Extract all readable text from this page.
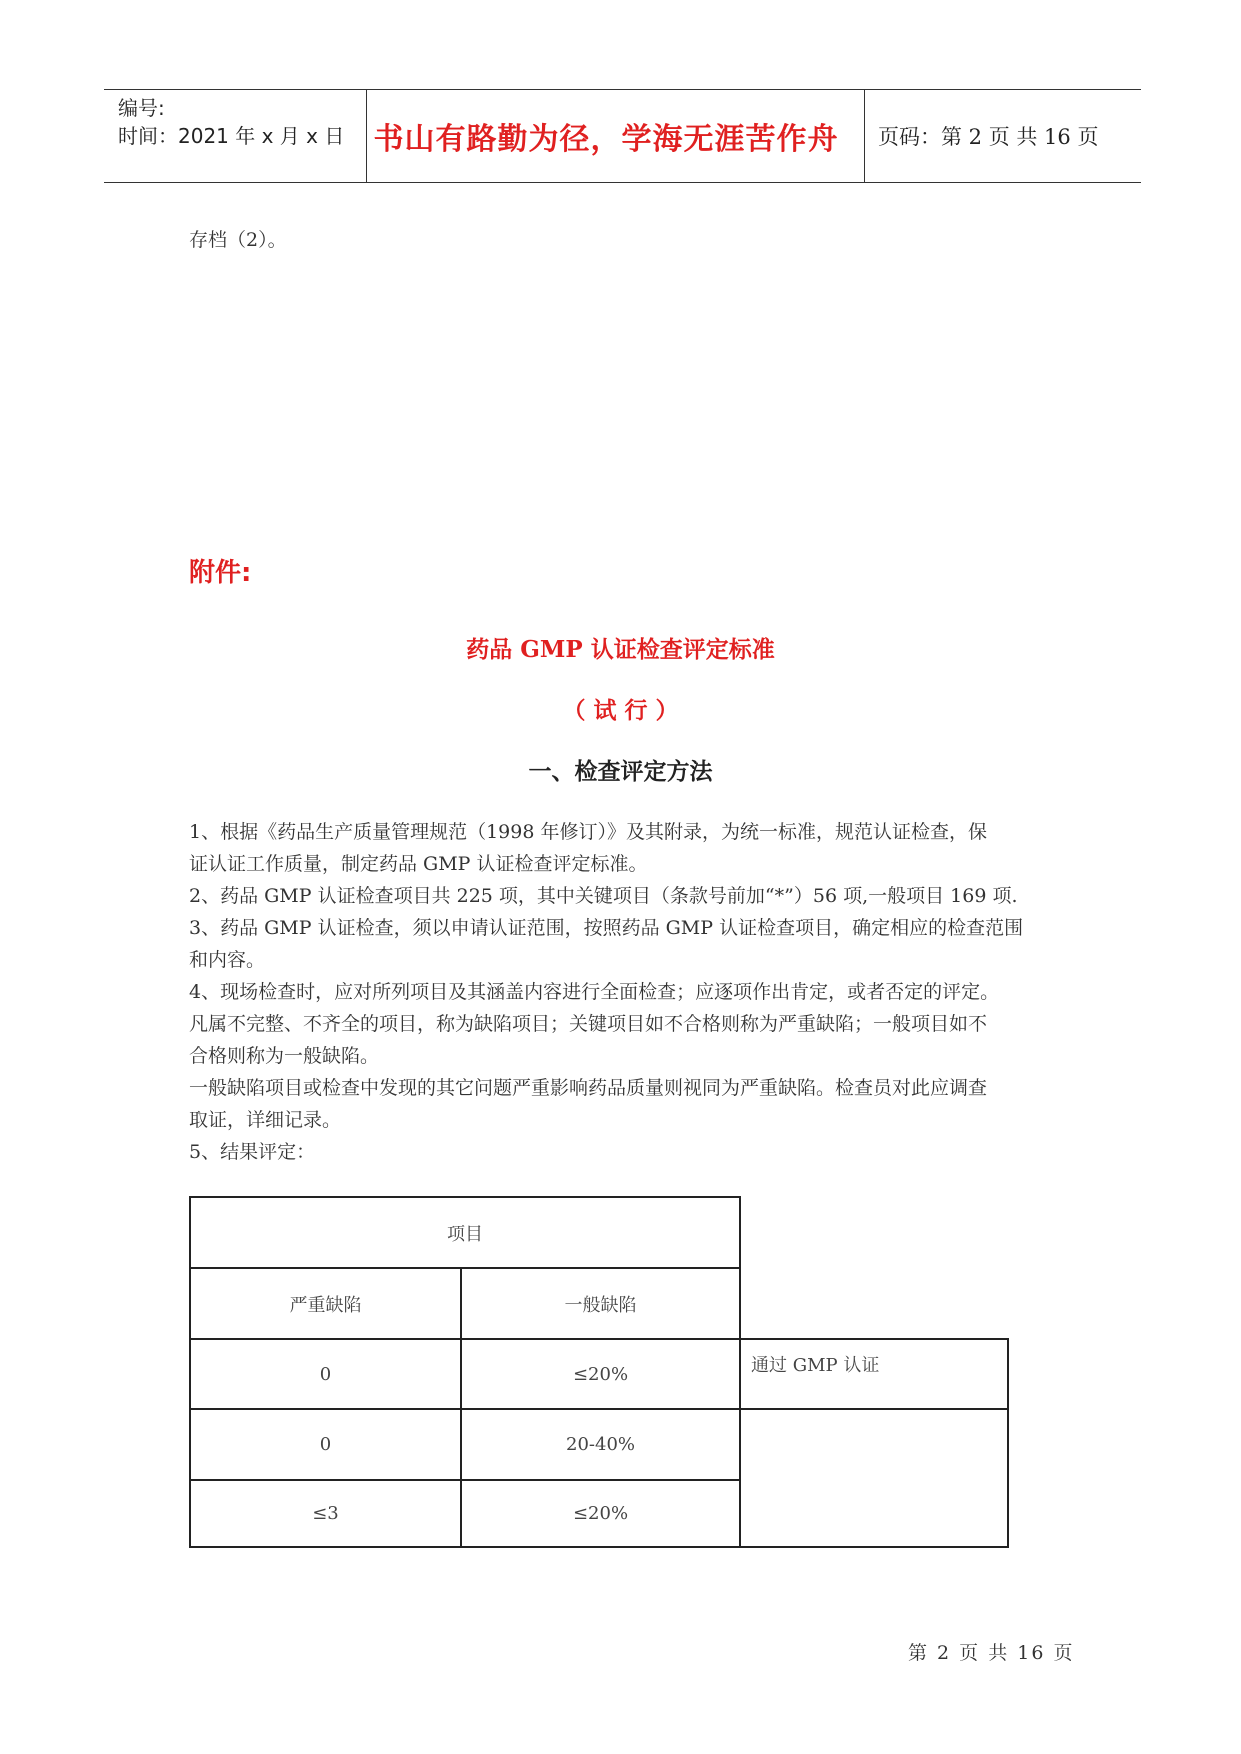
编号:
时间：2021 年 x 月 x 日 书山有路勤为径，学海无涯苦作舟	页码：第 2 页 共 16 页
存档（2）。
附件:
药品 GMP 认证检查评定标准
（ 试 行 ）
一、检查评定方法
1、根据《药品生产质量管理规范（1998 年修订）》及其附录，为统一标准，规范认证检查，保
证认证工作质量，制定药品 GMP 认证检查评定标准。
2、药品 GMP 认证检查项目共 225 项，其中关键项目（条款号前加“*”）56 项,一般项目 169 项.
3、药品 GMP 认证检查，须以申请认证范围，按照药品 GMP 认证检查项目，确定相应的检查范围
和内容。
4、现场检查时，应对所列项目及其涵盖内容进行全面检查；应逐项作出肯定，或者否定的评定。
凡属不完整、不齐全的项目，称为缺陷项目；关键项目如不合格则称为严重缺陷；一般项目如不
合格则称为一般缺陷。
一般缺陷项目或检查中发现的其它问题严重影响药品质量则视同为严重缺陷。检查员对此应调查
取证，详细记录。
5、结果评定：
项目
严重缺陷	一般缺陷
0	≤20%	通过 GMP 认证
0	20-40%
≤3	≤20%
第 2 页 共 16 页
